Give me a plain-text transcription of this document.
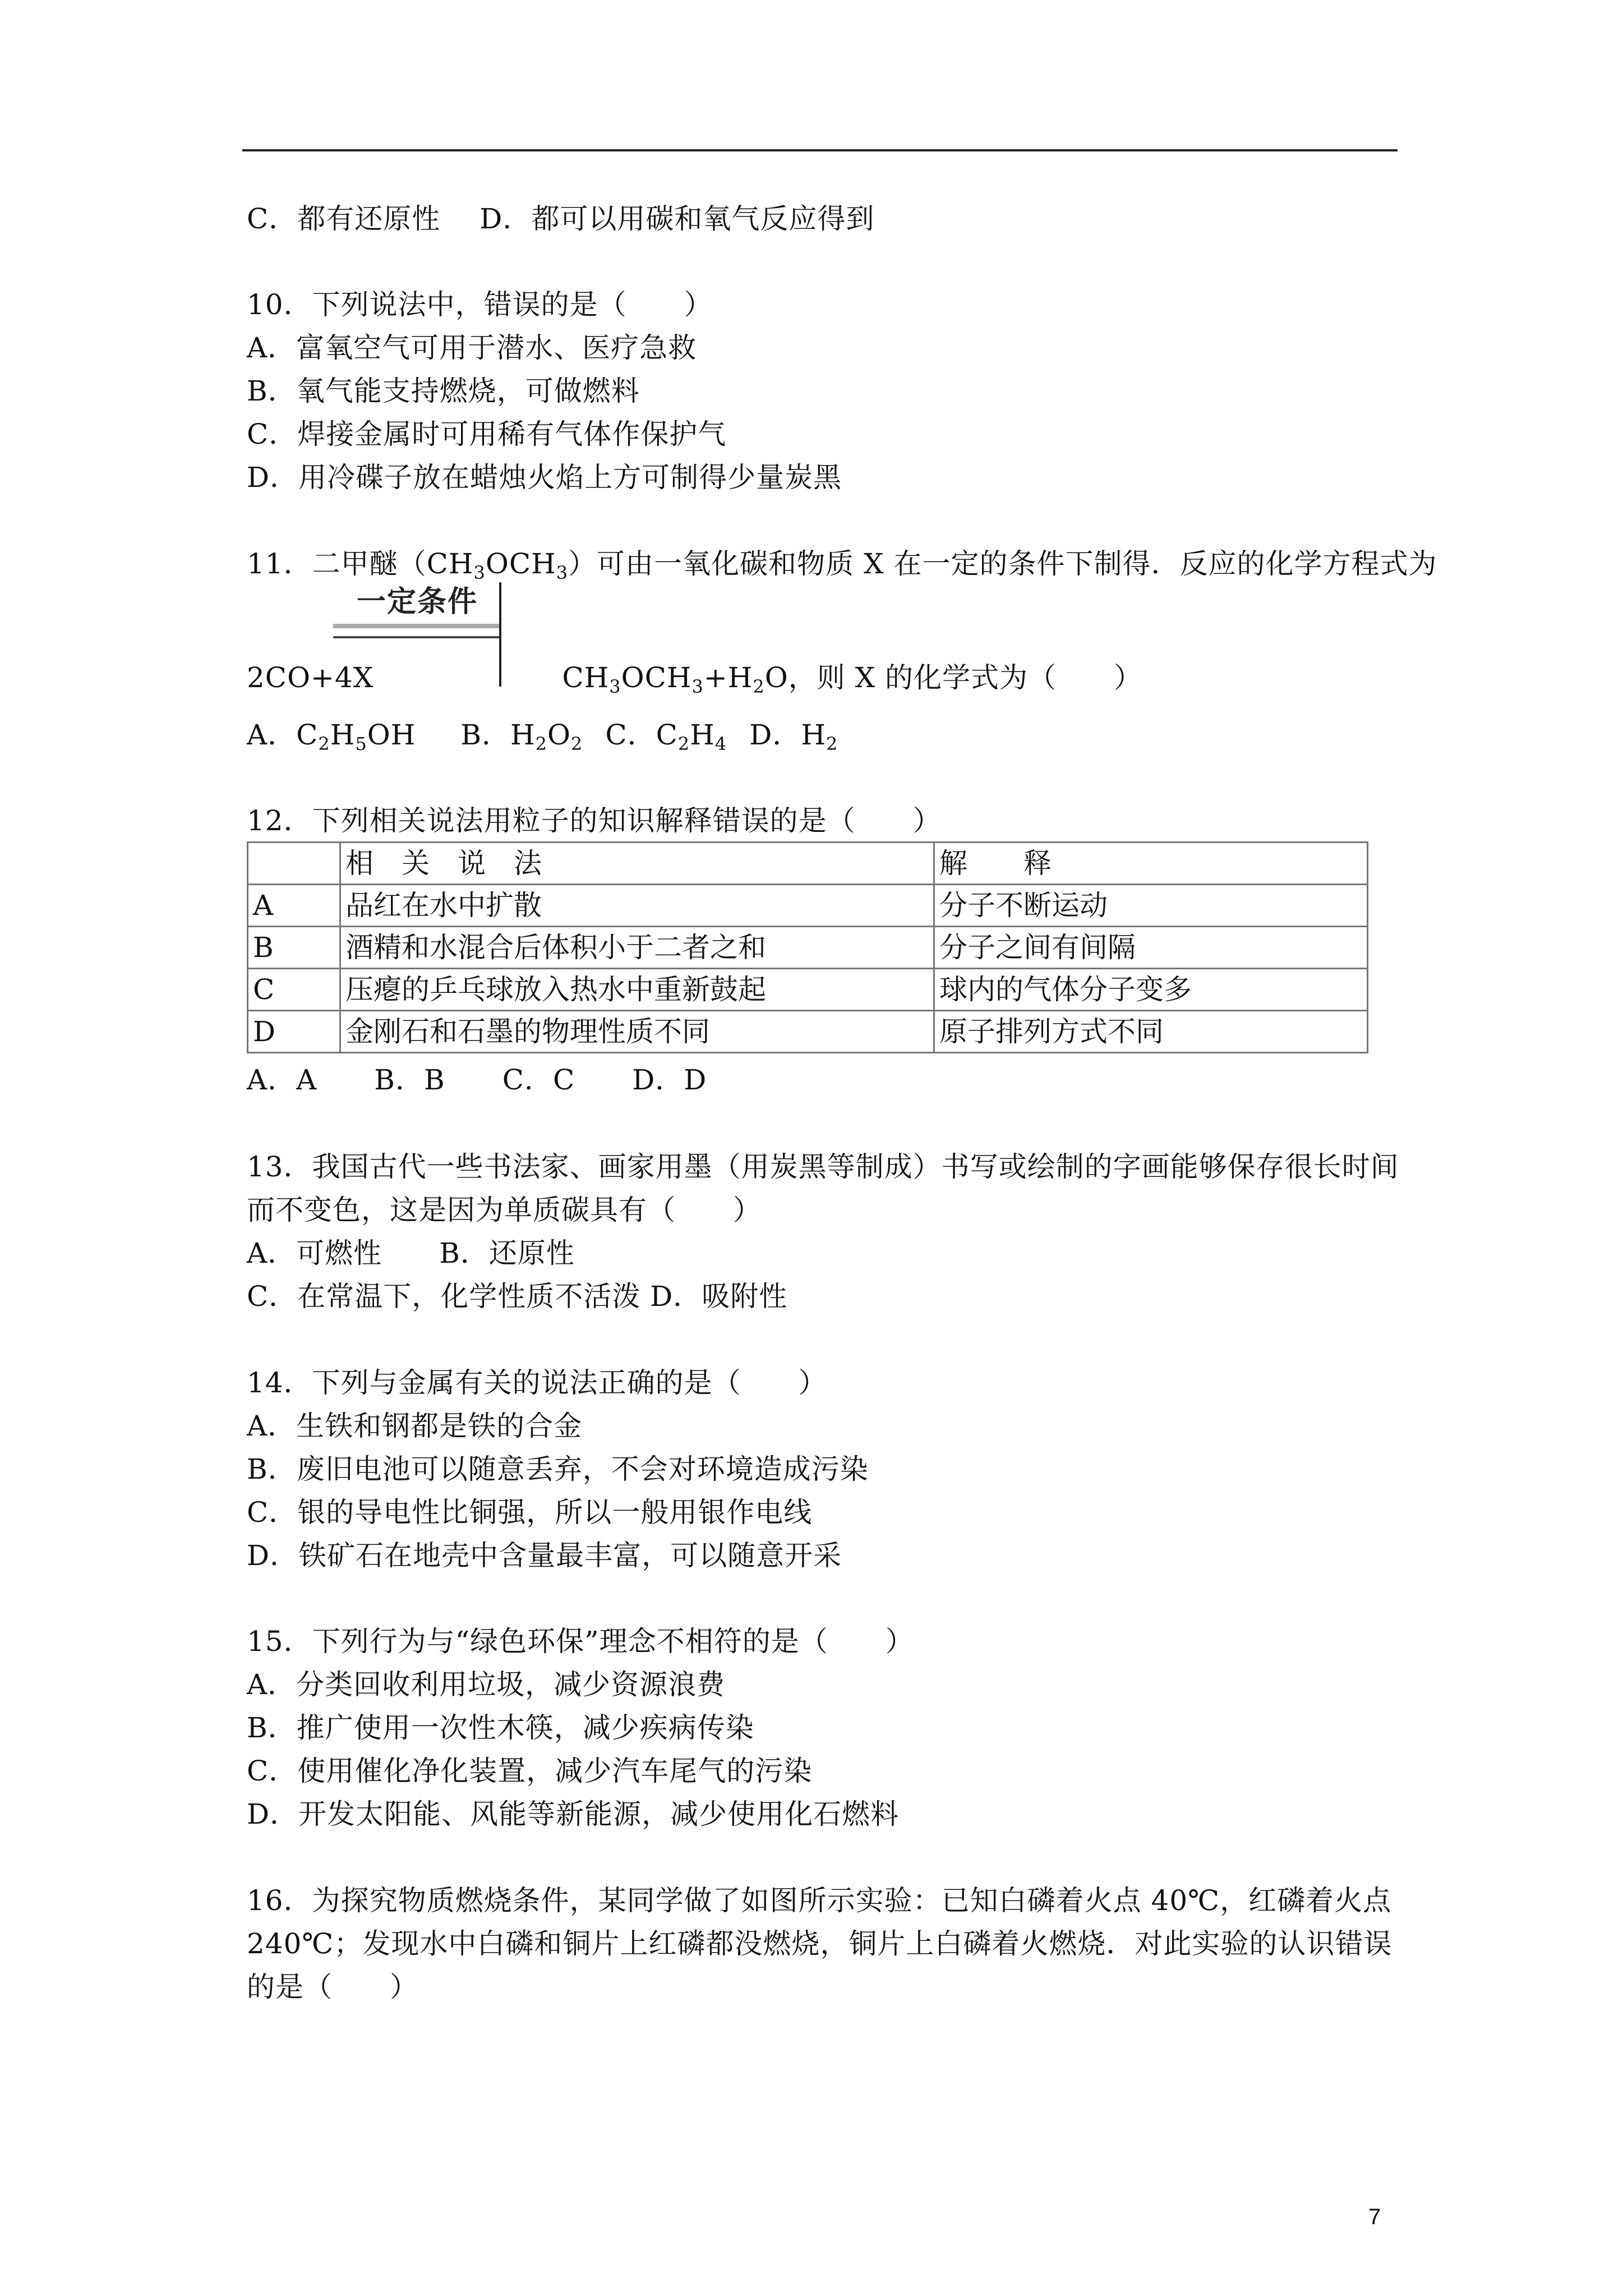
C．都有还原性 D．都可以用碳和氧气反应得到
10．下列说法中，错误的是（　　）
A．富氧空气可用于潜水、医疗急救
B．氧气能支持燃烧，可做燃料
C．焊接金属时可用稀有气体作保护气
D．用冷碟子放在蜡烛火焰上方可制得少量炭黑
11．二甲醚$(CH_3OCH_3)$可由一氧化碳和物质 X 在一定的条件下制得．反应的化学方程式为
一定条件
2CO+4X	$CH_3OCH_3+H_2O$，则 X 的化学式为（　　）
A．$C_2H_5OH$ B．$H_2O_2$ C．$C_2H_4$ D．$H_2$
12．下列相关说法用粒子的知识解释错误的是（　　）
	相　关　说　法	解　　释
A	品红在水中扩散	分子不断运动
B	酒精和水混合后体积小于二者之和	分子之间有间隔
C	压瘪的乒乓球放入热水中重新鼓起	球内的气体分子变多
D	金刚石和石墨的物理性质不同	原子排列方式不同
A．A　　B．B　　C．C　　D．D
13．我国古代一些书法家、画家用墨（用炭黑等制成）书写或绘制的字画能够保存很长时间
而不变色，这是因为单质碳具有（　　）
A．可燃性　　B．还原性
C．在常温下，化学性质不活泼 D．吸附性
14．下列与金属有关的说法正确的是（　　）
A．生铁和钢都是铁的合金
B．废旧电池可以随意丢弃，不会对环境造成污染
C．银的导电性比铜强，所以一般用银作电线
D．铁矿石在地壳中含量最丰富，可以随意开采
15．下列行为与“绿色环保”理念不相符的是（　　）
A．分类回收利用垃圾，减少资源浪费
B．推广使用一次性木筷，减少疾病传染
C．使用催化净化装置，减少汽车尾气的污染
D．开发太阳能、风能等新能源，减少使用化石燃料
16．为探究物质燃烧条件，某同学做了如图所示实验：已知白磷着火点 40℃，红磷着火点
240℃；发现水中白磷和铜片上红磷都没燃烧，铜片上白磷着火燃烧．对此实验的认识错误
的是（　　）
7
